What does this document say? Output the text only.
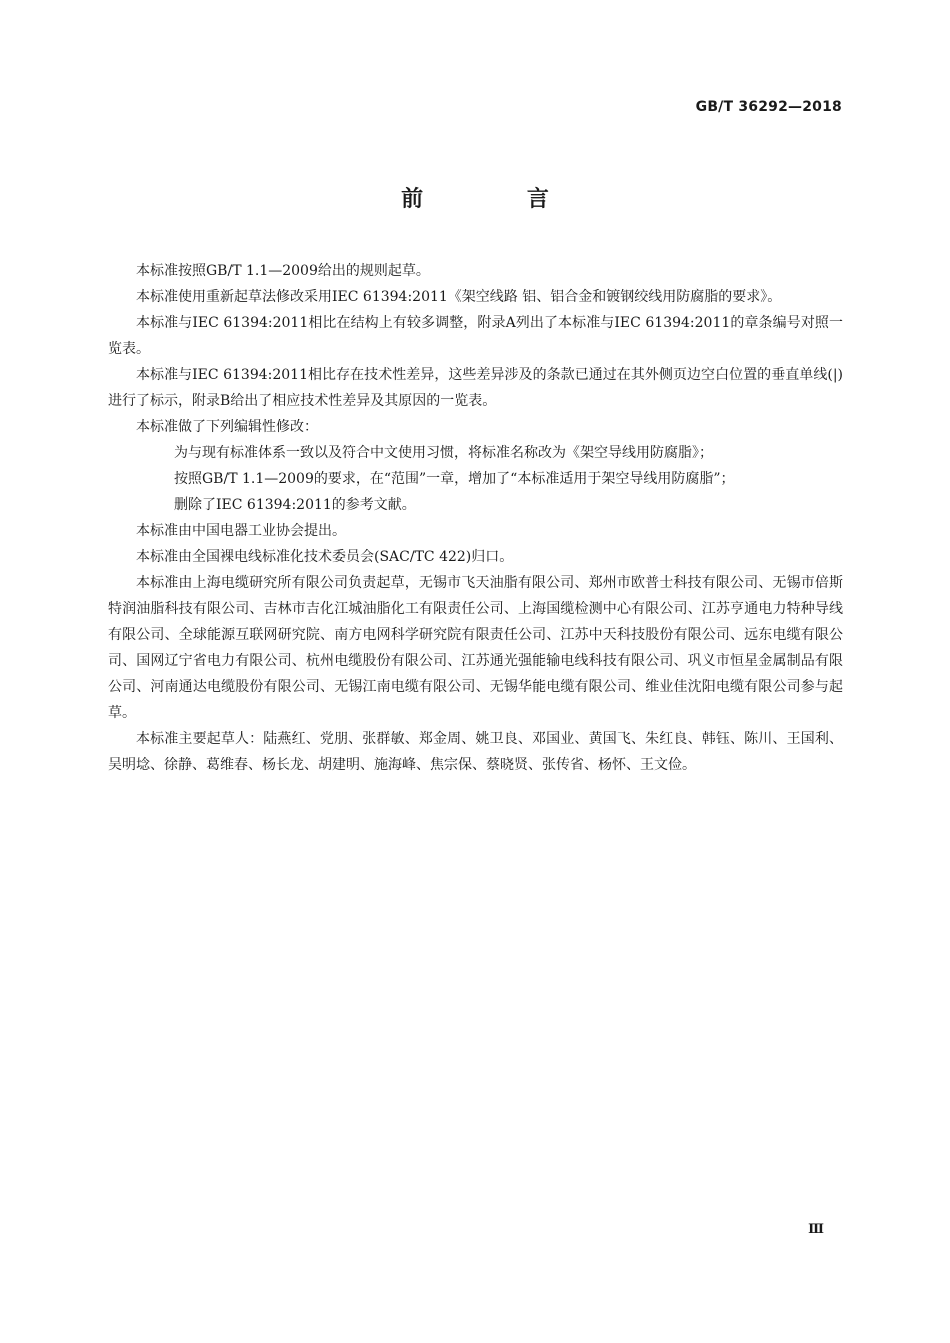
GB/T 36292—2018
前 言

本标准按照GB/T 1.1—2009给出的规则起草。

本标准使用重新起草法修改采用IEC 61394:2011《架空线路 铝、铝合金和镀钢绞线用防腐脂的要求》。

本标准与IEC 61394:2011相比在结构上有较多调整，附录A列出了本标准与IEC 61394:2011的章条编号对照一览表。

本标准与IEC 61394:2011相比存在技术性差异，这些差异涉及的条款已通过在其外侧页边空白位置的垂直单线(|)进行了标示，附录B给出了相应技术性差异及其原因的一览表。

本标准做了下列编辑性修改：

为与现有标准体系一致以及符合中文使用习惯，将标准名称改为《架空导线用防腐脂》；

按照GB/T 1.1—2009的要求，在“范围”一章，增加了“本标准适用于架空导线用防腐脂”；

删除了IEC 61394:2011的参考文献。

本标准由中国电器工业协会提出。

本标准由全国裸电线标准化技术委员会(SAC/TC 422)归口。

本标准由上海电缆研究所有限公司负责起草，无锡市飞天油脂有限公司、郑州市欧普士科技有限公司、无锡市倍斯特润油脂科技有限公司、吉林市吉化江城油脂化工有限责任公司、上海国缆检测中心有限公司、江苏亨通电力特种导线有限公司、全球能源互联网研究院、南方电网科学研究院有限责任公司、江苏中天科技股份有限公司、远东电缆有限公司、国网辽宁省电力有限公司、杭州电缆股份有限公司、江苏通光强能输电线科技有限公司、巩义市恒星金属制品有限公司、河南通达电缆股份有限公司、无锡江南电缆有限公司、无锡华能电缆有限公司、维业佳沈阳电缆有限公司参与起草。

本标准主要起草人：陆燕红、党朋、张群敏、郑金周、姚卫良、邓国业、黄国飞、朱红良、韩钰、陈川、王国利、吴明埝、徐静、葛维春、杨长龙、胡建明、施海峰、焦宗保、蔡晓贤、张传省、杨怀、王文俭。

Ⅲ
